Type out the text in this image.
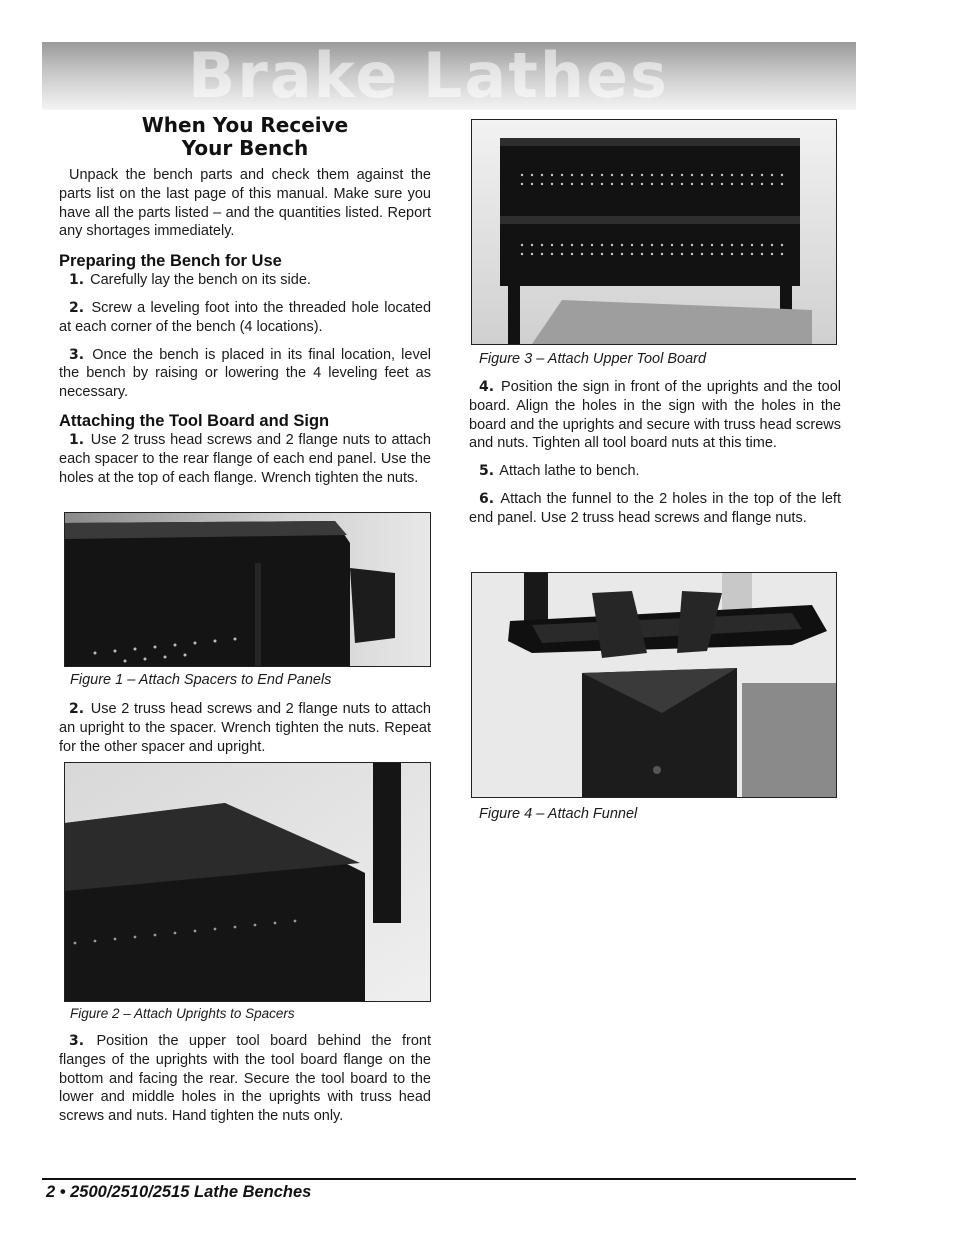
Brake Lathes
When You Receive
Your Bench

Unpack the bench parts and check them against the parts list on the last page of this manual. Make sure you have all the parts listed – and the quantities listed. Report any shortages immediately.

Preparing the Bench for Use

1. Carefully lay the bench on its side.

2. Screw a leveling foot into the threaded hole located at each corner of the bench (4 locations).

3. Once the bench is placed in its final location, level the bench by raising or lowering the 4 leveling feet as necessary.

Attaching the Tool Board and Sign

1. Use 2 truss head screws and 2 flange nuts to attach each spacer to the rear flange of each end panel. Use the holes at the top of each flange. Wrench tighten the nuts.

Figure 1 – Attach Spacers to End Panels

2. Use 2 truss head screws and 2 flange nuts to attach an upright to the spacer. Wrench tighten the nuts. Repeat for the other spacer and upright.

Figure 2 – Attach Uprights to Spacers

3. Position the upper tool board behind the front flanges of the uprights with the tool board flange on the bottom and facing the rear. Secure the tool board to the lower and middle holes in the uprights with truss head screws and nuts. Hand tighten the nuts only.

Figure 3 – Attach Upper Tool Board

4. Position the sign in front of the uprights and the tool board. Align the holes in the sign with the holes in the board and the uprights and secure with truss head screws and nuts. Tighten all tool board nuts at this time.

5. Attach lathe to bench.

6. Attach the funnel to the 2 holes in the top of the left end panel. Use 2 truss head screws and flange nuts.

Figure 4 – Attach Funnel
2 • 2500/2510/2515 Lathe Benches
